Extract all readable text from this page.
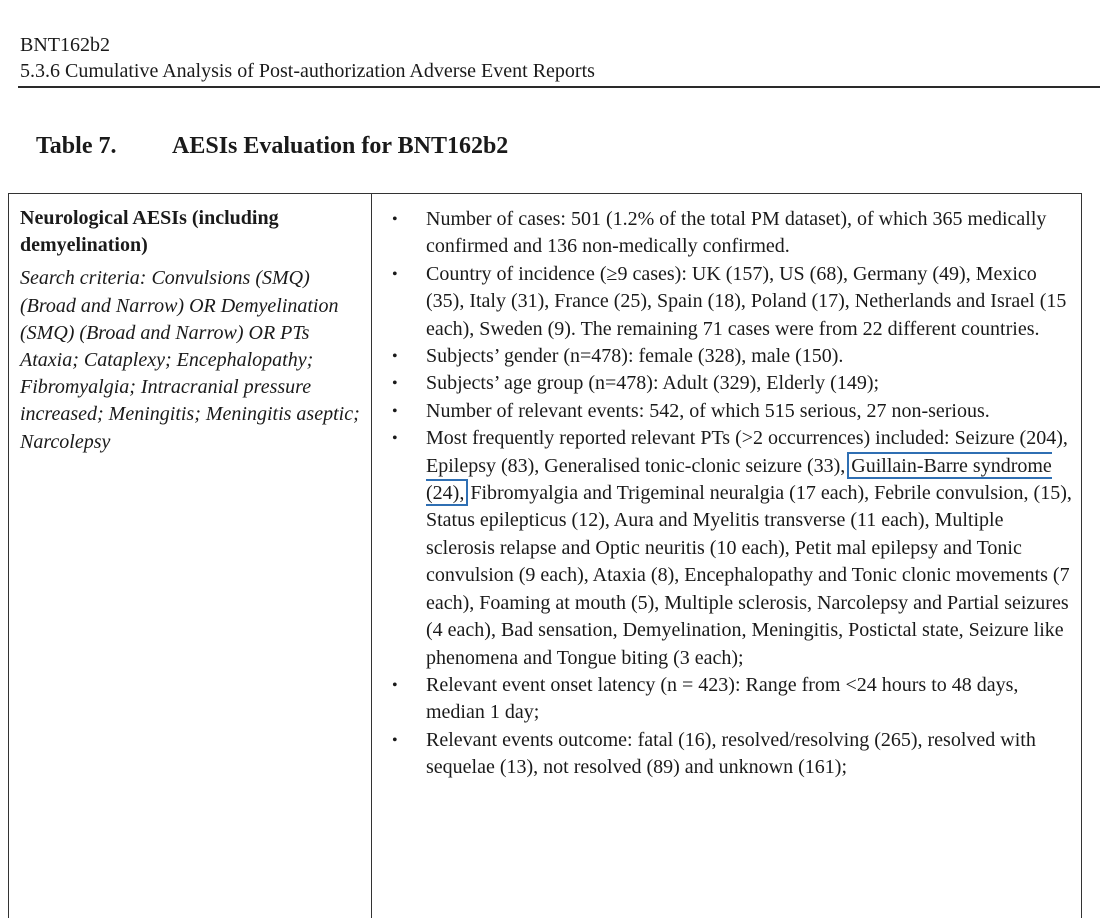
BNT162b2
5.3.6 Cumulative Analysis of Post-authorization Adverse Event Reports
Table 7. AESIs Evaluation for BNT162b2
Neurological AESIs (including demyelination)
Search criteria: Convulsions (SMQ) (Broad and Narrow) OR Demyelination (SMQ) (Broad and Narrow) OR PTs Ataxia; Cataplexy; Encephalopathy; Fibromyalgia; Intracranial pressure increased; Meningitis; Meningitis aseptic; Narcolepsy
• Number of cases: 501 (1.2% of the total PM dataset), of which 365 medically confirmed and 136 non-medically confirmed.
• Country of incidence (≥9 cases): UK (157), US (68), Germany (49), Mexico (35), Italy (31), France (25), Spain (18), Poland (17), Netherlands and Israel (15 each), Sweden (9). The remaining 71 cases were from 22 different countries.
• Subjects’ gender (n=478): female (328), male (150).
• Subjects’ age group (n=478): Adult (329), Elderly (149);
• Number of relevant events: 542, of which 515 serious, 27 non-serious.
• Most frequently reported relevant PTs (>2 occurrences) included: Seizure (204), Epilepsy (83), Generalised tonic-clonic seizure (33), Guillain-Barre syndrome (24), Fibromyalgia and Trigeminal neuralgia (17 each), Febrile convulsion, (15), Status epilepticus (12), Aura and Myelitis transverse (11 each), Multiple sclerosis relapse and Optic neuritis (10 each), Petit mal epilepsy and Tonic convulsion (9 each), Ataxia (8), Encephalopathy and Tonic clonic movements (7 each), Foaming at mouth (5), Multiple sclerosis, Narcolepsy and Partial seizures (4 each), Bad sensation, Demyelination, Meningitis, Postictal state, Seizure like phenomena and Tongue biting (3 each);
• Relevant event onset latency (n = 423): Range from <24 hours to 48 days, median 1 day;
• Relevant events outcome: fatal (16), resolved/resolving (265), resolved with sequelae (13), not resolved (89) and unknown (161);
